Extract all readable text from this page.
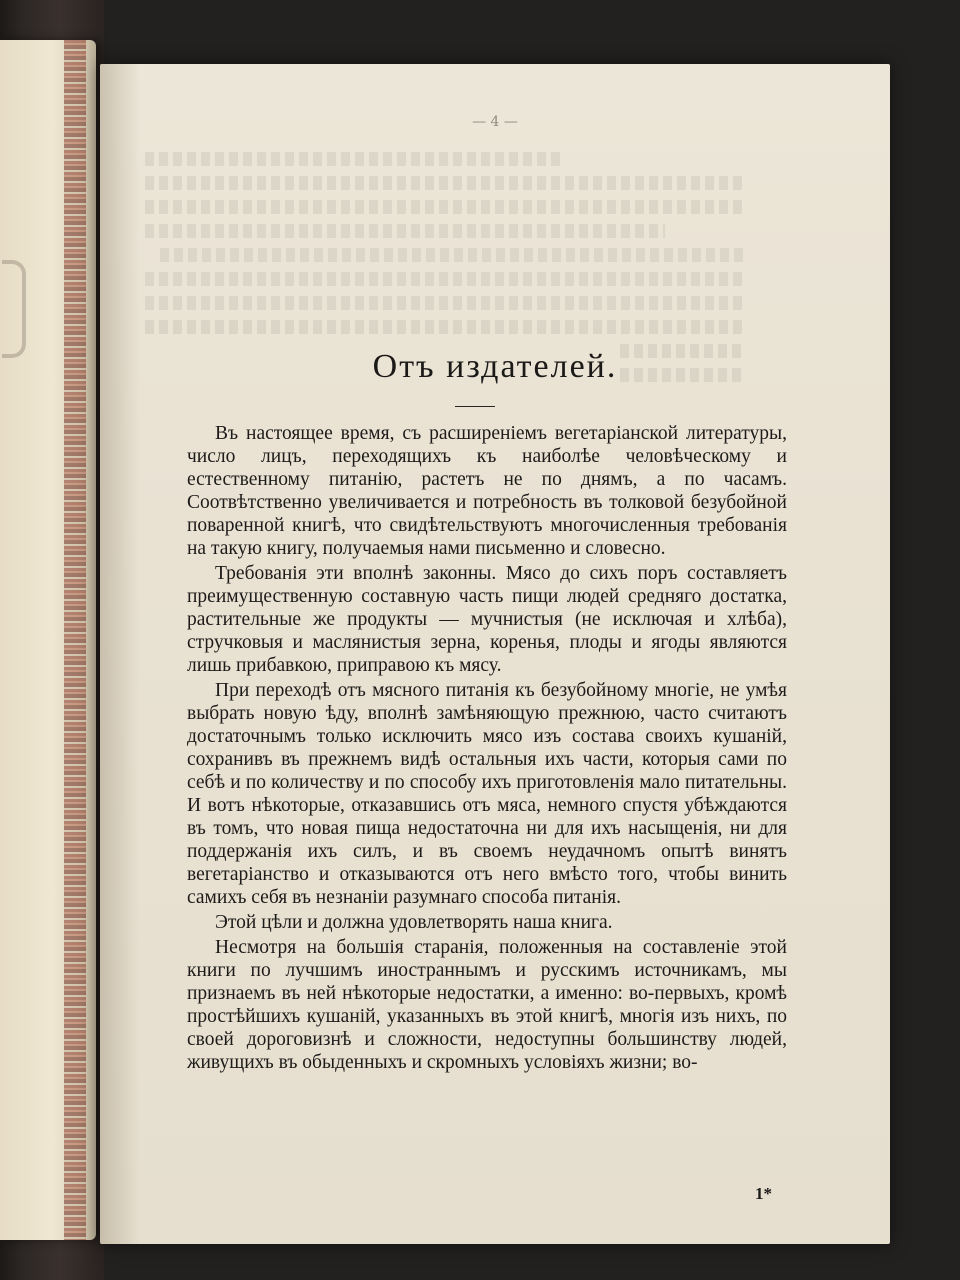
— 4 —
Отъ издателей.

Въ настоящее время, съ расширеніемъ вегетаріанской литературы, число лицъ, переходящихъ къ наиболѣе человѣческому и естественному питанію, растетъ не по днямъ, а по часамъ. Соотвѣтственно увеличивается и потребность въ толковой безубойной поваренной книгѣ, что свидѣтельствуютъ многочисленныя требованія на такую книгу, получаемыя нами письменно и словесно.

Требованія эти вполнѣ законны. Мясо до сихъ поръ составляетъ преимущественную составную часть пищи людей средняго достатка, растительные же продукты — мучнистыя (не исключая и хлѣба), стручковыя и маслянистыя зерна, коренья, плоды и ягоды являются лишь прибавкою, приправою къ мясу.

При переходѣ отъ мясного питанія къ безубойному многіе, не умѣя выбрать новую ѣду, вполнѣ замѣняющую прежнюю, часто считаютъ достаточнымъ только исключить мясо изъ состава своихъ кушаній, сохранивъ въ прежнемъ видѣ остальныя ихъ части, которыя сами по себѣ и по количеству и по способу ихъ приготовленія мало питательны. И вотъ нѣкоторые, отказавшись отъ мяса, немного спустя убѣждаются въ томъ, что новая пища недостаточна ни для ихъ насыщенія, ни для поддержанія ихъ силъ, и въ своемъ неудачномъ опытѣ винятъ вегетаріанство и отказываются отъ него вмѣсто того, чтобы винить самихъ себя въ незнаніи разумнаго способа питанія.

Этой цѣли и должна удовлетворять наша книга.

Несмотря на большія старанія, положенныя на составленіе этой книги по лучшимъ иностраннымъ и русскимъ источникамъ, мы признаемъ въ ней нѣкоторые недостатки, а именно: во-первыхъ, кромѣ простѣйшихъ кушаній, указанныхъ въ этой книгѣ, многія изъ нихъ, по своей дороговизнѣ и сложности, недоступны большинству людей, живущихъ въ обыденныхъ и скромныхъ условіяхъ жизни; во-

1*
